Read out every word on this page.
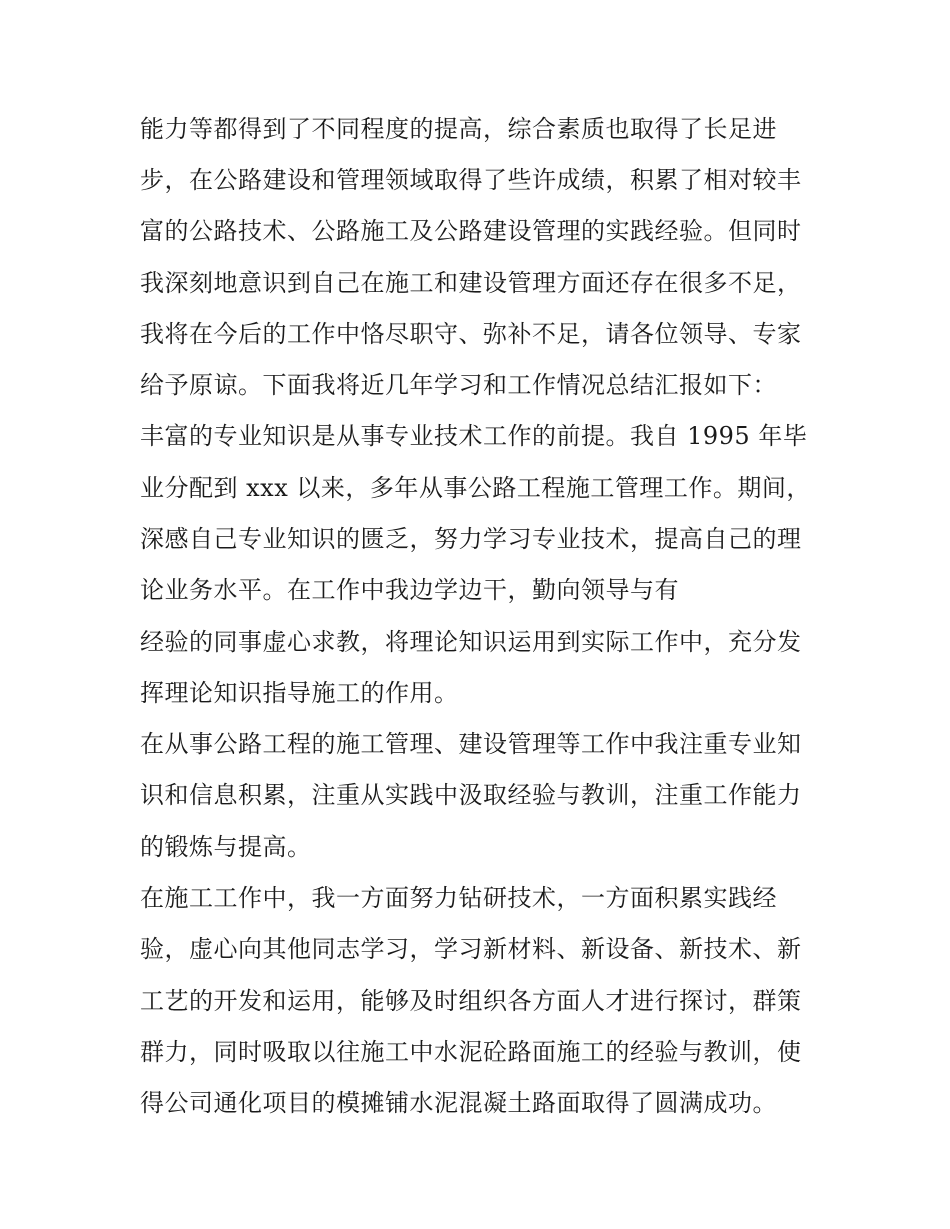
能力等都得到了不同程度的提高，综合素质也取得了长足进
步，在公路建设和管理领域取得了些许成绩，积累了相对较丰
富的公路技术、公路施工及公路建设管理的实践经验。但同时
我深刻地意识到自己在施工和建设管理方面还存在很多不足，
我将在今后的工作中恪尽职守、弥补不足，请各位领导、专家
给予原谅。下面我将近几年学习和工作情况总结汇报如下：
丰富的专业知识是从事专业技术工作的前提。我自 1995 年毕
业分配到 xxx 以来，多年从事公路工程施工管理工作。期间，
深感自己专业知识的匮乏，努力学习专业技术，提高自己的理
论业务水平。在工作中我边学边干，勤向领导与有
经验的同事虚心求教，将理论知识运用到实际工作中，充分发
挥理论知识指导施工的作用。
在从事公路工程的施工管理、建设管理等工作中我注重专业知
识和信息积累，注重从实践中汲取经验与教训，注重工作能力
的锻炼与提高。
在施工工作中，我一方面努力钻研技术，一方面积累实践经
验，虚心向其他同志学习，学习新材料、新设备、新技术、新
工艺的开发和运用，能够及时组织各方面人才进行探讨，群策
群力，同时吸取以往施工中水泥砼路面施工的经验与教训，使
得公司通化项目的模摊铺水泥混凝土路面取得了圆满成功。
